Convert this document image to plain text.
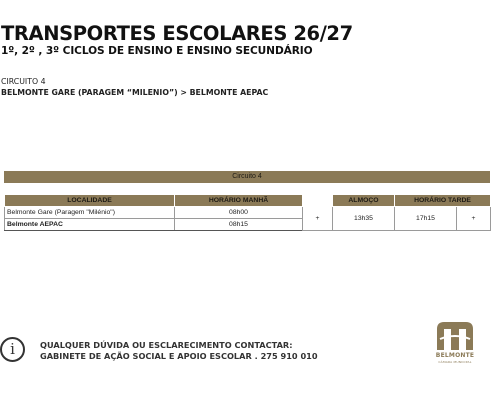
TRANSPORTES ESCOLARES 26/27
1º, 2º , 3º CICLOS DE ENSINO E ENSINO SECUNDÁRIO
CIRCUITO 4
BELMONTE GARE (PARAGEM “MILENIO”) > BELMONTE AEPAC
Circuito 4
LOCALIDADE	HORÁRIO MANHÃ		ALMOÇO	HORÁRIO TARDE	
Belmonte Gare (Paragem "Milénio")	08h00	+	13h35	17h15	+
Belmonte AEPAC	08h15				
i	QUALQUER DÚVIDA OU ESCLARECIMENTO CONTACTAR:
GABINETE DE AÇÃO SOCIAL E APOIO ESCOLAR . 275 910 010	BELMONTE
CÂMARA MUNICIPAL
